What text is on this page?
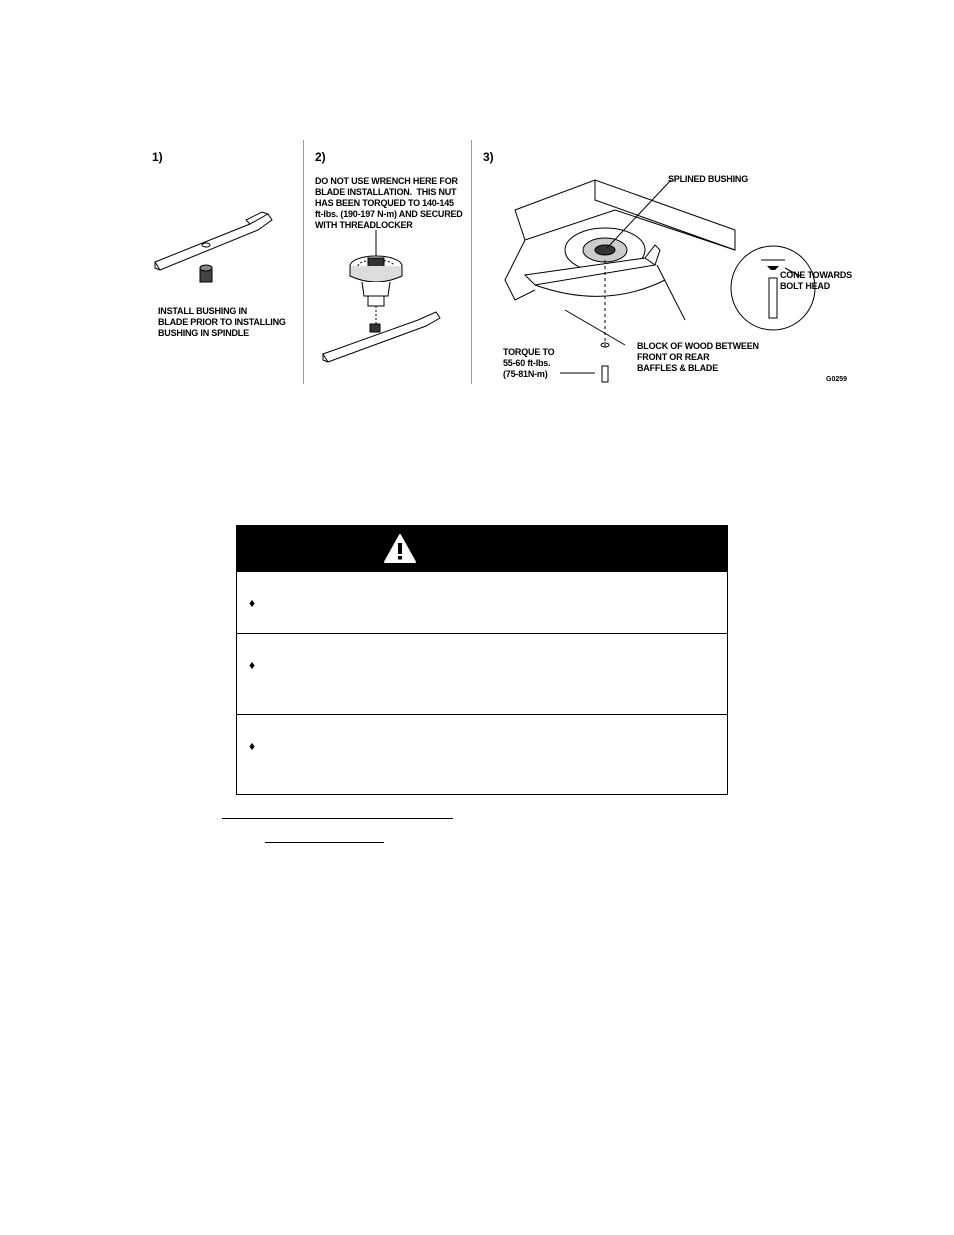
1)	2)	3)
INSTALL BUSHING IN
BLADE PRIOR TO INSTALLING
BUSHING IN SPINDLE
DO NOT USE WRENCH HERE FOR
BLADE INSTALLATION.  THIS NUT
HAS BEEN TORQUED TO 140-145
ft-lbs. (190-197 N-m) AND SECURED
WITH THREADLOCKER
SPLINED BUSHING
CONE TOWARDS
BOLT HEAD
BLOCK OF WOOD BETWEEN
FRONT OR REAR
BAFFLES & BLADE
TORQUE TO
55-60 ft-lbs.
(75-81N-m)
G0259
♦
♦
♦
